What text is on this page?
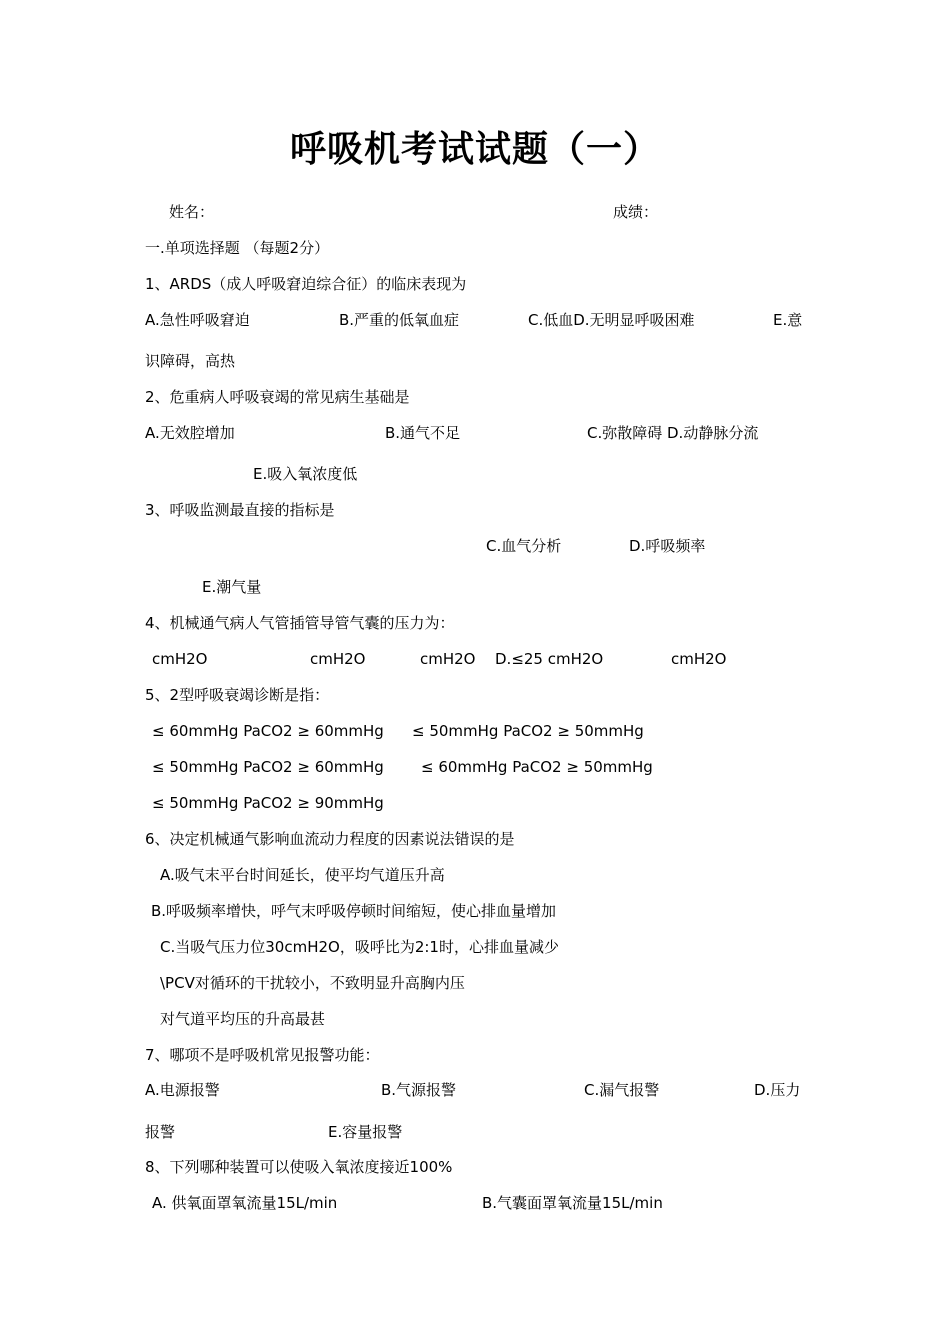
呼吸机考试试题（一）
姓名：	成绩：
一.单项选择题 （每题2分）
1、ARDS（成人呼吸窘迫综合征）的临床表现为
A.急性呼吸窘迫	B.严重的低氧血症	C.低血D.无明显呼吸困难	E.意
识障碍，高热
2、危重病人呼吸衰竭的常见病生基础是
A.无效腔增加	B.通气不足	C.弥散障碍 D.动静脉分流
E.吸入氧浓度低
3、呼吸监测最直接的指标是
C.血气分析	D.呼吸频率
E.潮气量
4、机械通气病人气管插管导管气囊的压力为：
cmH2O	cmH2O	cmH2O D.≤25 cmH2O	cmH2O
5、2型呼吸衰竭诊断是指：
≤ 60mmHg PaCO2 ≥ 60mmHg ≤ 50mmHg PaCO2 ≥ 50mmHg
≤ 50mmHg PaCO2 ≥ 60mmHg ≤ 60mmHg PaCO2 ≥ 50mmHg
≤ 50mmHg PaCO2 ≥ 90mmHg
6、决定机械通气影响血流动力程度的因素说法错误的是
A.吸气末平台时间延长，使平均气道压升高
B.呼吸频率增快，呼气末呼吸停顿时间缩短，使心排血量增加
C.当吸气压力位30cmH2O，吸呼比为2:1时，心排血量减少
\PCV对循环的干扰较小，不致明显升高胸内压
对气道平均压的升高最甚
7、哪项不是呼吸机常见报警功能：
A.电源报警	B.气源报警	C.漏气报警	D.压力
报警	E.容量报警
8、下列哪种装置可以使吸入氧浓度接近100%
A. 供氧面罩氧流量15L/min	B.气囊面罩氧流量15L/min
